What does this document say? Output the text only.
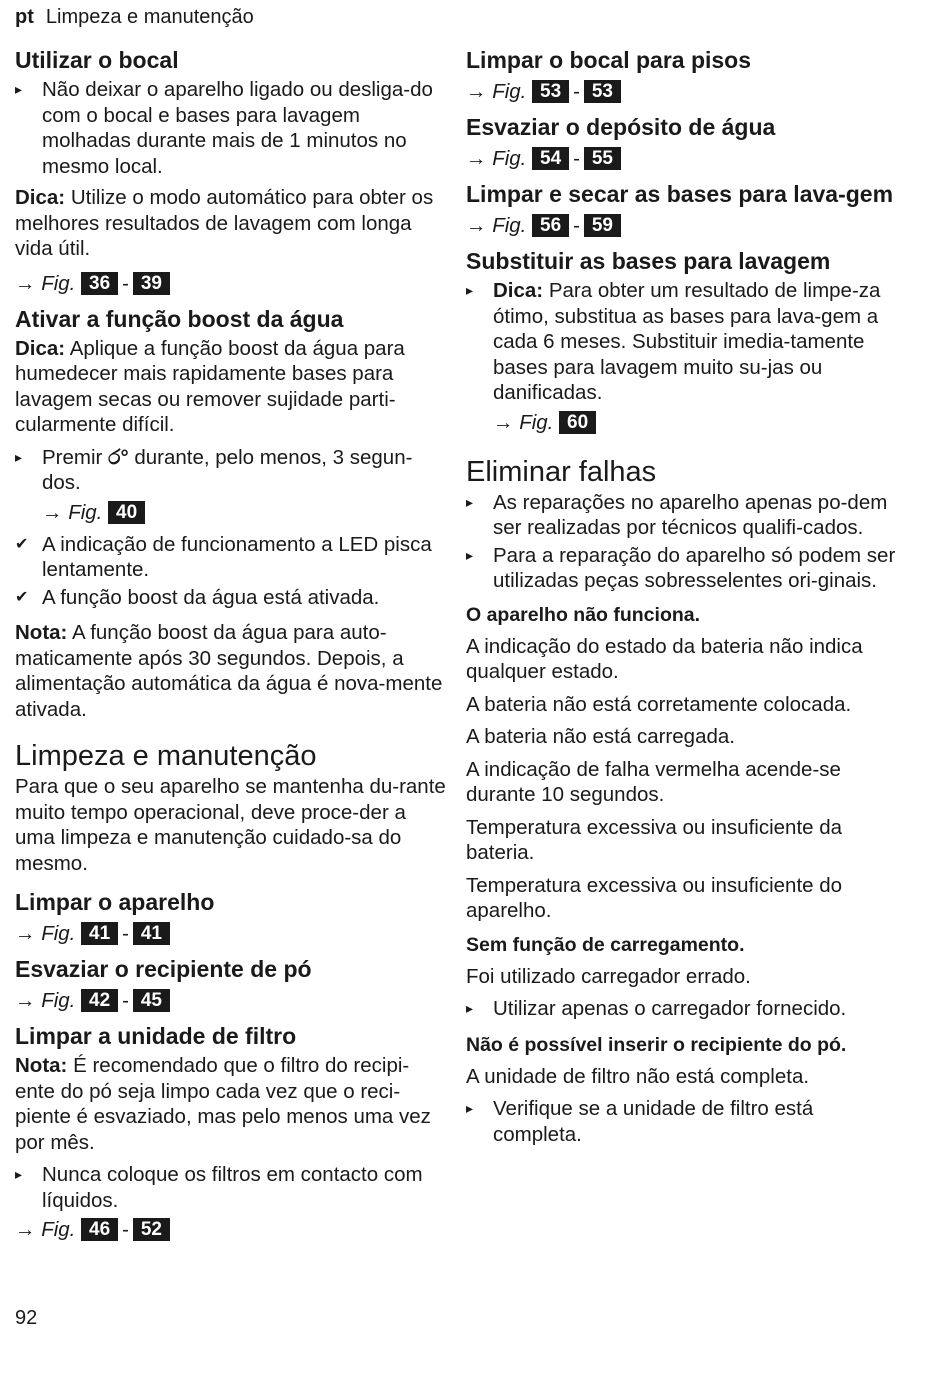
pt Limpeza e manutenção
Utilizar o bocal
▸ Não deixar o aparelho ligado ou desliga-do com o bocal e bases para lavagem molhadas durante mais de 1 minutos no mesmo local.

Dica: Utilize o modo automático para obter os melhores resultados de lavagem com longa vida útil.

→ Fig. 36 - 39
Ativar a função boost da água

Dica: Aplique a função boost da água para humedecer mais rapidamente bases para lavagem secas ou remover sujidade parti-cularmente difícil.

▸ Premir ර° durante, pelo menos, 3 segun-dos.
→ Fig. 40
✔ A indicação de funcionamento a LED pisca lentamente.
✔ A função boost da água está ativada.

Nota: A função boost da água para auto-maticamente após 30 segundos. Depois, a alimentação automática da água é nova-mente ativada.

Limpeza e manutenção

Para que o seu aparelho se mantenha du-rante muito tempo operacional, deve proce-der a uma limpeza e manutenção cuidado-sa do mesmo.

Limpar o aparelho
→ Fig. 41 - 41
Esvaziar o recipiente de pó
→ Fig. 42 - 45
Limpar a unidade de filtro

Nota: É recomendado que o filtro do recipi-ente do pó seja limpo cada vez que o reci-piente é esvaziado, mas pelo menos uma vez por mês.

▸ Nunca coloque os filtros em contacto com líquidos.
→ Fig. 46 - 52
Limpar o bocal para pisos
→ Fig. 53 - 53
Esvaziar o depósito de água
→ Fig. 54 - 55
Limpar e secar as bases para lava-gem
→ Fig. 56 - 59
Substituir as bases para lavagem
▸ Dica: Para obter um resultado de limpe-za ótimo, substitua as bases para lava-gem a cada 6 meses. Substituir imedia-tamente bases para lavagem muito su-jas ou danificadas.
→ Fig. 60
Eliminar falhas
▸ As reparações no aparelho apenas po-dem ser realizadas por técnicos qualifi-cados.
▸ Para a reparação do aparelho só podem ser utilizadas peças sobresselentes ori-ginais.
O aparelho não funciona.

A indicação do estado da bateria não indica qualquer estado.

A bateria não está corretamente colocada.

A bateria não está carregada.

A indicação de falha vermelha acende-se durante 10 segundos.

Temperatura excessiva ou insuficiente da bateria.

Temperatura excessiva ou insuficiente do aparelho.

Sem função de carregamento.

Foi utilizado carregador errado.

▸ Utilizar apenas o carregador fornecido.
Não é possível inserir o recipiente do pó.

A unidade de filtro não está completa.

▸ Verifique se a unidade de filtro está completa.
92
